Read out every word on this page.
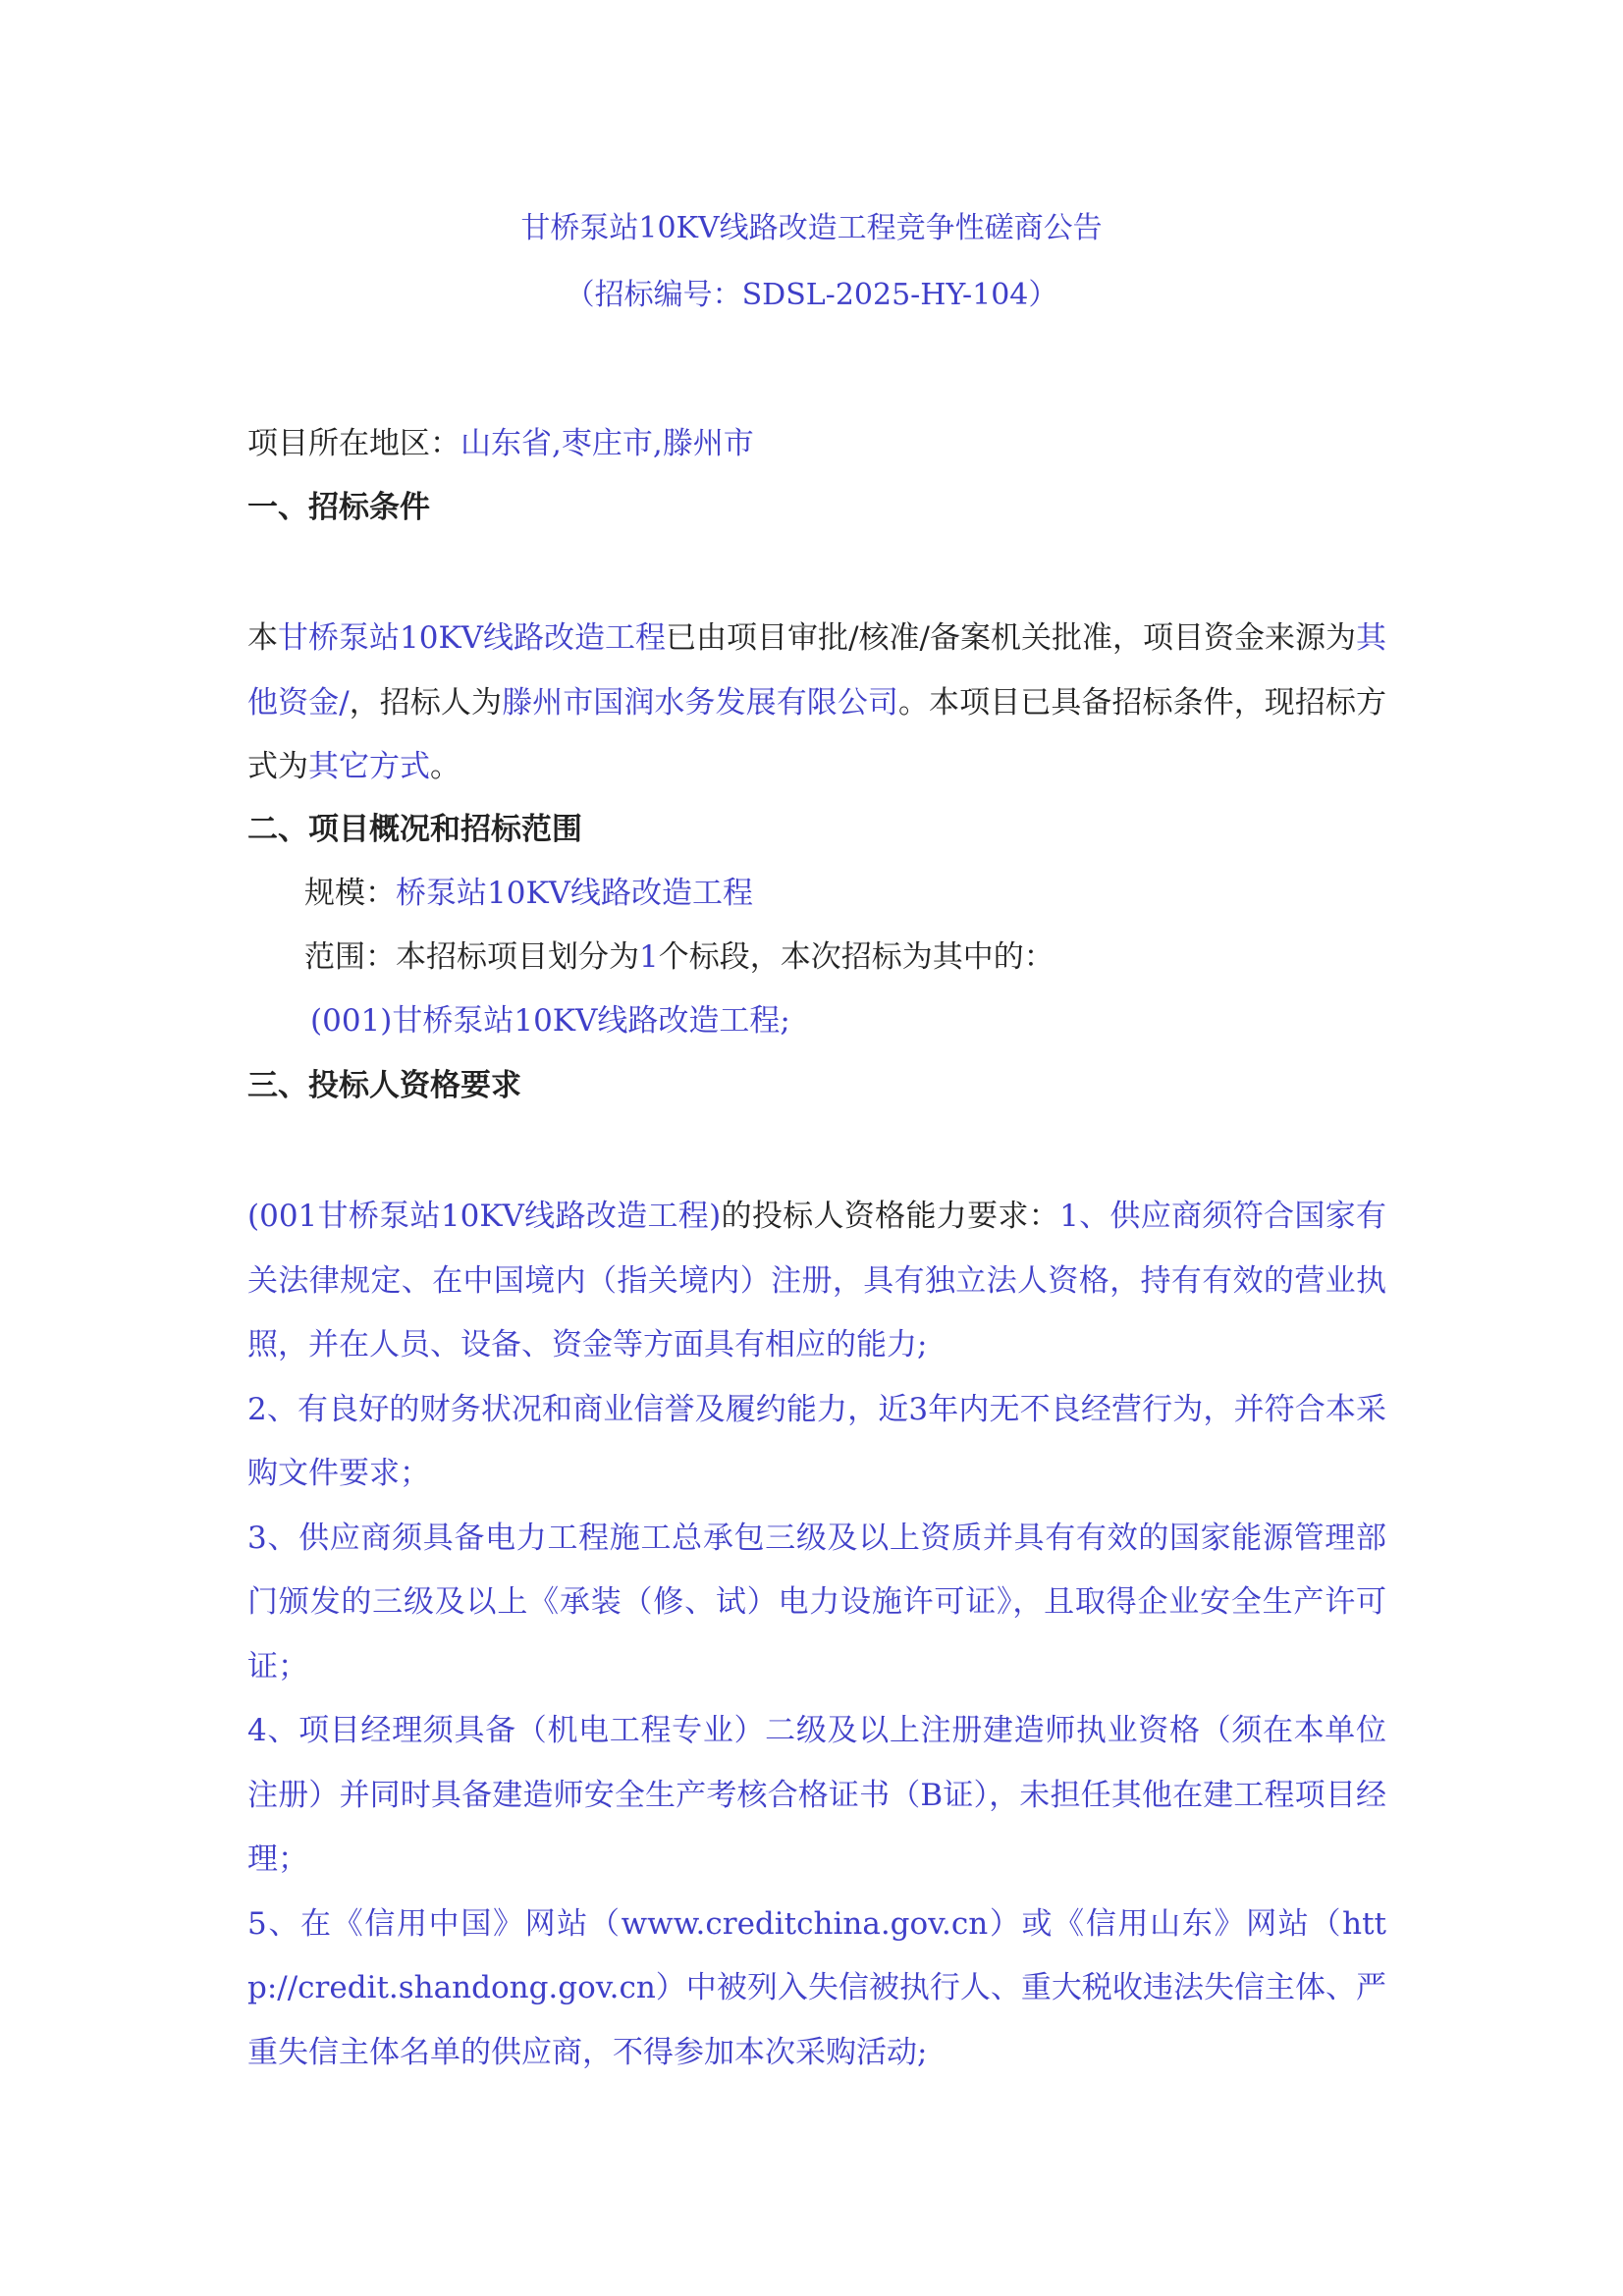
甘桥泵站10KV线路改造工程竞争性磋商公告
（招标编号：SDSL-2025-HY-104）
项目所在地区：山东省,枣庄市,滕州市
一、招标条件
本甘桥泵站10KV线路改造工程已由项目审批/核准/备案机关批准，项目资金来源为其他资金/，招标人为滕州市国润水务发展有限公司。本项目已具备招标条件，现招标方式为其它方式。
二、项目概况和招标范围
规模：桥泵站10KV线路改造工程
范围：本招标项目划分为1个标段，本次招标为其中的：
(001)甘桥泵站10KV线路改造工程;
三、投标人资格要求
(001甘桥泵站10KV线路改造工程)的投标人资格能力要求：1、供应商须符合国家有关法律规定、在中国境内（指关境内）注册，具有独立法人资格，持有有效的营业执照，并在人员、设备、资金等方面具有相应的能力;
2、有良好的财务状况和商业信誉及履约能力，近3年内无不良经营行为，并符合本采购文件要求；
3、供应商须具备电力工程施工总承包三级及以上资质并具有有效的国家能源管理部门颁发的三级及以上《承装（修、试）电力设施许可证》，且取得企业安全生产许可证；
4、项目经理须具备（机电工程专业）二级及以上注册建造师执业资格（须在本单位注册）并同时具备建造师安全生产考核合格证书（B证），未担任其他在建工程项目经理；
5、在《信用中国》网站（www.creditchina.gov.cn）或《信用山东》网站（http://credit.shandong.gov.cn）中被列入失信被执行人、重大税收违法失信主体、严重失信主体名单的供应商，不得参加本次采购活动;
